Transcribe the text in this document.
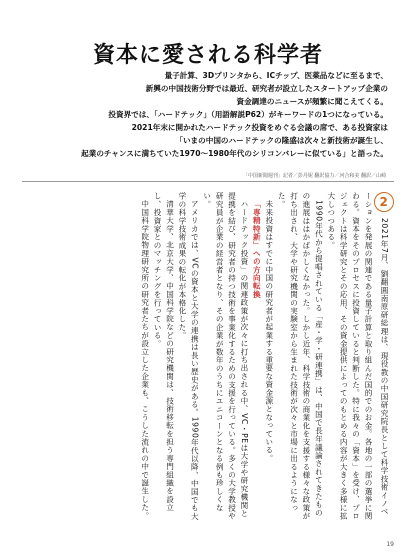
資本に愛される科学者
量子計算、3Dプリンタから、ICチップ、医薬品などに至るまで、
新興の中国技術分野では最近、研究者が設立したスタートアップ企業の
資金調達のニュースが頻繁に聞こえてくる。
投資界では、「ハードテック」（用語解説P62）がキーワードの1つになっている。
2021年末に開かれたハードテック投資をめぐる会議の席で、ある投資家は
「いまの中国のハードテックの隆盛は次々と新技術が誕生し、
起業のチャンスに満ちていた1970～1980年代のシリコンバレーに似ている」と語った。
「中国新聞週刊」記者／彭丹妮 翻訳協力／河合和美 翻訳／山崎

22021年7月、劉翻圓南原研総理は、現役教の中国研究院長として科学技術イノベーションを発展の関連である量子計算と取り組んだ国的でのお金。各地の一部の選挙に関わる。資本をそのプロセスに投資していると判断した。特に我々の「資本」を受け、プロジェクトは科学研究とその応用、その資金提供によってのもとめる内容が大きく多様に拡大しつつある。

1990年代から提唱されている「産・学・研連携」は、中国で長年議論されてきたものの進展ははかばかしくなかった。しかし近年、科学技術の商業化を支援する様々な政策が打ち出され、大学や研究機関の実験室から生まれた技術が次々と市場に出るようになった。

未来投資はすでに中国の研究者が起業する重要な資金源となっている。

「専精特新」への方向転換

ハードテック投資」の関連政策が次々に打ち出される中、VC・PEは大学や研究機関と提携を結び、研究者の持つ技術を事業化するための支援を行っている。多くの大学教授や研究員が企業の経営者となり、その企業が数年のうちにユニコーンとなる例も珍しくない。

アメリカでは、VCの資本と大学の連携は長い歴史がある。1990年代以降、中国でも大学の科学技術成果の転化が本格化した。

清華大学、北京大学、中国科学院などの研究機関は、技術移転を担う専門組織を設立し、投資家とのマッチングを行っている。

中国科学院物理研究所の研究者たちが設立した企業も、こうした流れの中で誕生した。

19
